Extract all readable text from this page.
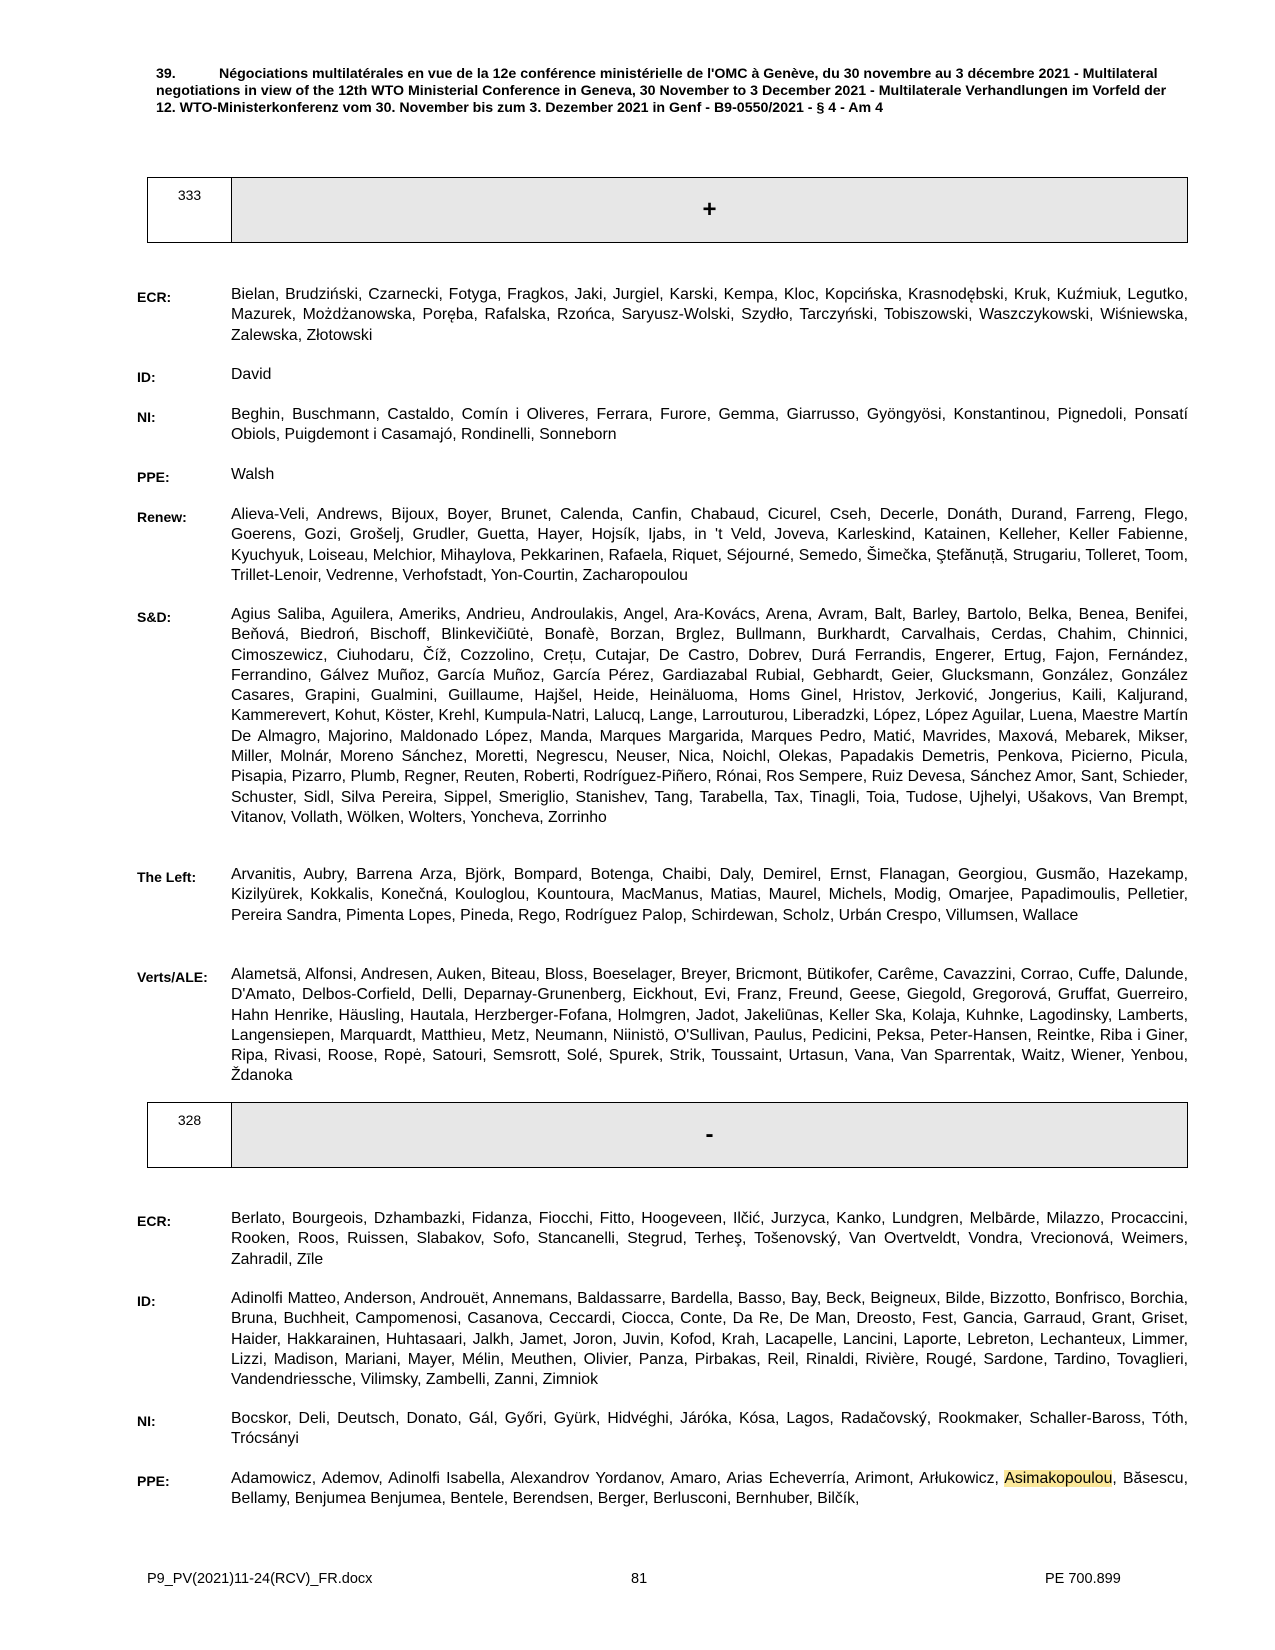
39.	Négociations multilatérales en vue de la 12e conférence ministérielle de l'OMC à Genève, du 30 novembre au 3 décembre 2021 - Multilateral negotiations in view of the 12th WTO Ministerial Conference in Geneva, 30 November to 3 December 2021 - Multilaterale Verhandlungen im Vorfeld der 12. WTO-Ministerkonferenz vom 30. November bis zum 3. Dezember 2021 in Genf - B9-0550/2021 - § 4 - Am 4
333
+
ECR:	Bielan, Brudziński, Czarnecki, Fotyga, Fragkos, Jaki, Jurgiel, Karski, Kempa, Kloc, Kopcińska, Krasnodębski, Kruk, Kuźmiuk, Legutko, Mazurek, Możdżanowska, Poręba, Rafalska, Rzońca, Saryusz-Wolski, Szydło, Tarczyński, Tobiszowski, Waszczykowski, Wiśniewska, Zalewska, Złotowski
ID:	David
NI:	Beghin, Buschmann, Castaldo, Comín i Oliveres, Ferrara, Furore, Gemma, Giarrusso, Gyöngyösi, Konstantinou, Pignedoli, Ponsatí Obiols, Puigdemont i Casamajó, Rondinelli, Sonneborn
PPE:	Walsh
Renew:	Alieva-Veli, Andrews, Bijoux, Boyer, Brunet, Calenda, Canfin, Chabaud, Cicurel, Cseh, Decerle, Donáth, Durand, Farreng, Flego, Goerens, Gozi, Grošelj, Grudler, Guetta, Hayer, Hojsík, Ijabs, in 't Veld, Joveva, Karleskind, Katainen, Kelleher, Keller Fabienne, Kyuchyuk, Loiseau, Melchior, Mihaylova, Pekkarinen, Rafaela, Riquet, Séjourné, Semedo, Šimečka, Ştefănuță, Strugariu, Tolleret, Toom, Trillet-Lenoir, Vedrenne, Verhofstadt, Yon-Courtin, Zacharopoulou
S&D:	Agius Saliba, Aguilera, Ameriks, Andrieu, Androulakis, Angel, Ara-Kovács, Arena, Avram, Balt, Barley, Bartolo, Belka, Benea, Benifei, Beňová, Biedroń, Bischoff, Blinkevičiūtė, Bonafè, Borzan, Brglez, Bullmann, Burkhardt, Carvalhais, Cerdas, Chahim, Chinnici, Cimoszewicz, Ciuhodaru, Číž, Cozzolino, Crețu, Cutajar, De Castro, Dobrev, Durá Ferrandis, Engerer, Ertug, Fajon, Fernández, Ferrandino, Gálvez Muñoz, García Muñoz, García Pérez, Gardiazabal Rubial, Gebhardt, Geier, Glucksmann, González, González Casares, Grapini, Gualmini, Guillaume, Hajšel, Heide, Heinäluoma, Homs Ginel, Hristov, Jerković, Jongerius, Kaili, Kaljurand, Kammerevert, Kohut, Köster, Krehl, Kumpula-Natri, Lalucq, Lange, Larrouturou, Liberadzki, López, López Aguilar, Luena, Maestre Martín De Almagro, Majorino, Maldonado López, Manda, Marques Margarida, Marques Pedro, Matić, Mavrides, Maxová, Mebarek, Mikser, Miller, Molnár, Moreno Sánchez, Moretti, Negrescu, Neuser, Nica, Noichl, Olekas, Papadakis Demetris, Penkova, Picierno, Picula, Pisapia, Pizarro, Plumb, Regner, Reuten, Roberti, Rodríguez-Piñero, Rónai, Ros Sempere, Ruiz Devesa, Sánchez Amor, Sant, Schieder, Schuster, Sidl, Silva Pereira, Sippel, Smeriglio, Stanishev, Tang, Tarabella, Tax, Tinagli, Toia, Tudose, Ujhelyi, Ušakovs, Van Brempt, Vitanov, Vollath, Wölken, Wolters, Yoncheva, Zorrinho
The Left:	Arvanitis, Aubry, Barrena Arza, Björk, Bompard, Botenga, Chaibi, Daly, Demirel, Ernst, Flanagan, Georgiou, Gusmão, Hazekamp, Kizilyürek, Kokkalis, Konečná, Kouloglou, Kountoura, MacManus, Matias, Maurel, Michels, Modig, Omarjee, Papadimoulis, Pelletier, Pereira Sandra, Pimenta Lopes, Pineda, Rego, Rodríguez Palop, Schirdewan, Scholz, Urbán Crespo, Villumsen, Wallace
Verts/ALE:	Alametsä, Alfonsi, Andresen, Auken, Biteau, Bloss, Boeselager, Breyer, Bricmont, Bütikofer, Carême, Cavazzini, Corrao, Cuffe, Dalunde, D'Amato, Delbos-Corfield, Delli, Deparnay-Grunenberg, Eickhout, Evi, Franz, Freund, Geese, Giegold, Gregorová, Gruffat, Guerreiro, Hahn Henrike, Häusling, Hautala, Herzberger-Fofana, Holmgren, Jadot, Jakeliūnas, Keller Ska, Kolaja, Kuhnke, Lagodinsky, Lamberts, Langensiepen, Marquardt, Matthieu, Metz, Neumann, Niinistö, O'Sullivan, Paulus, Pedicini, Peksa, Peter-Hansen, Reintke, Riba i Giner, Ripa, Rivasi, Roose, Ropė, Satouri, Semsrott, Solé, Spurek, Strik, Toussaint, Urtasun, Vana, Van Sparrentak, Waitz, Wiener, Yenbou, Ždanoka
328
-
ECR:	Berlato, Bourgeois, Dzhambazki, Fidanza, Fiocchi, Fitto, Hoogeveen, Ilčić, Jurzyca, Kanko, Lundgren, Melbārde, Milazzo, Procaccini, Rooken, Roos, Ruissen, Slabakov, Sofo, Stancanelli, Stegrud, Terheş, Tošenovský, Van Overtveldt, Vondra, Vrecionová, Weimers, Zahradil, Zīle
ID:	Adinolfi Matteo, Anderson, Androuët, Annemans, Baldassarre, Bardella, Basso, Bay, Beck, Beigneux, Bilde, Bizzotto, Bonfrisco, Borchia, Bruna, Buchheit, Campomenosi, Casanova, Ceccardi, Ciocca, Conte, Da Re, De Man, Dreosto, Fest, Gancia, Garraud, Grant, Griset, Haider, Hakkarainen, Huhtasaari, Jalkh, Jamet, Joron, Juvin, Kofod, Krah, Lacapelle, Lancini, Laporte, Lebreton, Lechanteux, Limmer, Lizzi, Madison, Mariani, Mayer, Mélin, Meuthen, Olivier, Panza, Pirbakas, Reil, Rinaldi, Rivière, Rougé, Sardone, Tardino, Tovaglieri, Vandendriessche, Vilimsky, Zambelli, Zanni, Zimniok
NI:	Bocskor, Deli, Deutsch, Donato, Gál, Győri, Gyürk, Hidvéghi, Járóka, Kósa, Lagos, Radačovský, Rookmaker, Schaller-Baross, Tóth, Trócsányi
PPE:	Adamowicz, Ademov, Adinolfi Isabella, Alexandrov Yordanov, Amaro, Arias Echeverría, Arimont, Arłukowicz, Asimakopoulou, Băsescu, Bellamy, Benjumea Benjumea, Bentele, Berendsen, Berger, Berlusconi, Bernhuber, Bilčík,
P9_PV(2021)11-24(RCV)_FR.docx	81	PE 700.899
